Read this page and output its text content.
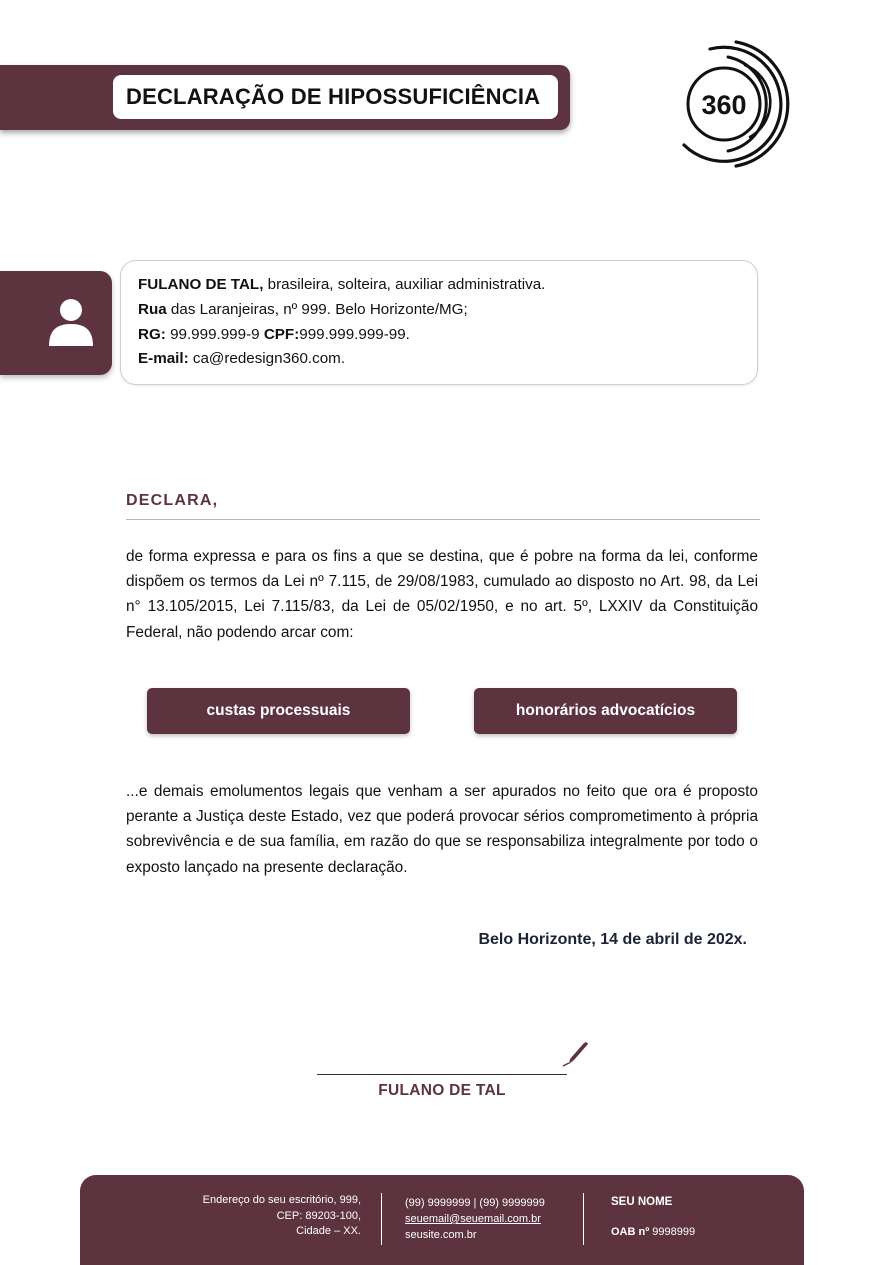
DECLARAÇÃO DE HIPOSSUFICIÊNCIA	360
FULANO DE TAL, brasileira, solteira, auxiliar administrativa.
Rua das Laranjeiras, nº 999. Belo Horizonte/MG;
RG: 99.999.999-9 CPF:999.999.999-99.
E-mail: ca@redesign360.com.
DECLARA,
de forma expressa e para os fins a que se destina, que é pobre na forma da lei, conforme dispõem os termos da Lei nº 7.115, de 29/08/1983, cumulado ao disposto no Art. 98, da Lei n° 13.105/2015, Lei 7.115/83, da Lei de 05/02/1950, e no art. 5º, LXXIV da Constituição Federal, não podendo arcar com:
custas processuais	honorários advocatícios
...e demais emolumentos legais que venham a ser apurados no feito que ora é proposto perante a Justiça deste Estado, vez que poderá provocar sérios comprometimento à própria sobrevivência e de sua família, em razão do que se responsabiliza integralmente por todo o exposto lançado na presente declaração.
Belo Horizonte, 14 de abril de 202x.
FULANO DE TAL
Endereço do seu escritório, 999,
CEP: 89203-100,
Cidade – XX.
(99) 9999999 | (99) 9999999
seuemail@seuemail.com.br
seusite.com.br
SEU NOME
OAB nº 9998999
